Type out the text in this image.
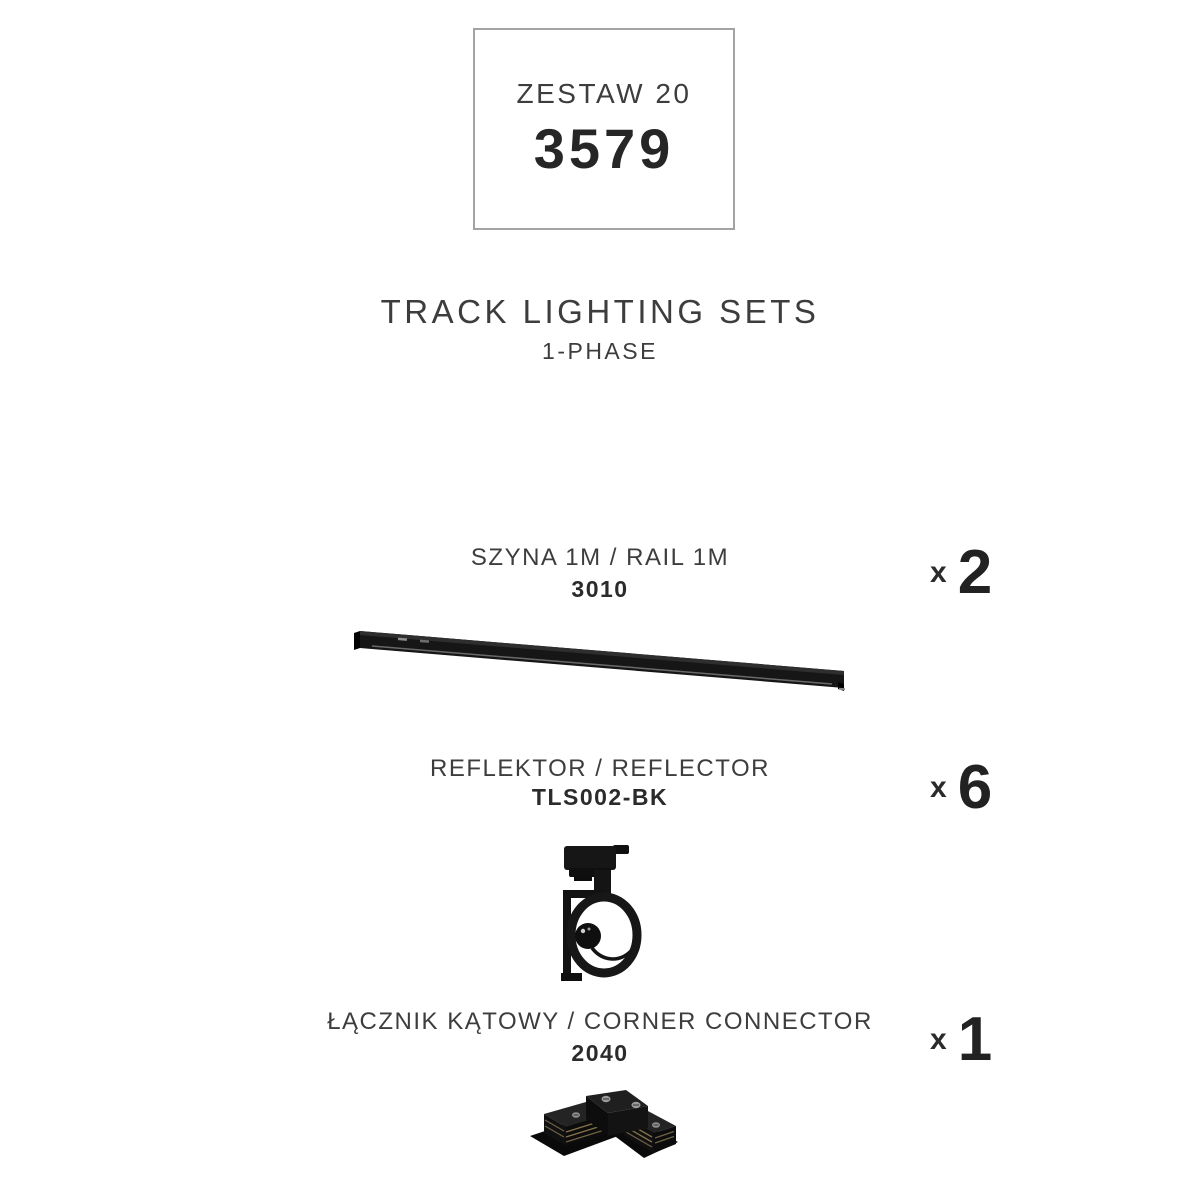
ZESTAW 20
3579
TRACK LIGHTING SETS
1-PHASE
SZYNA 1M / RAIL 1M
3010	x 2
REFLEKTOR / REFLECTOR
TLS002-BK	x 6
ŁĄCZNIK KĄTOWY / CORNER CONNECTOR
2040	x 1
